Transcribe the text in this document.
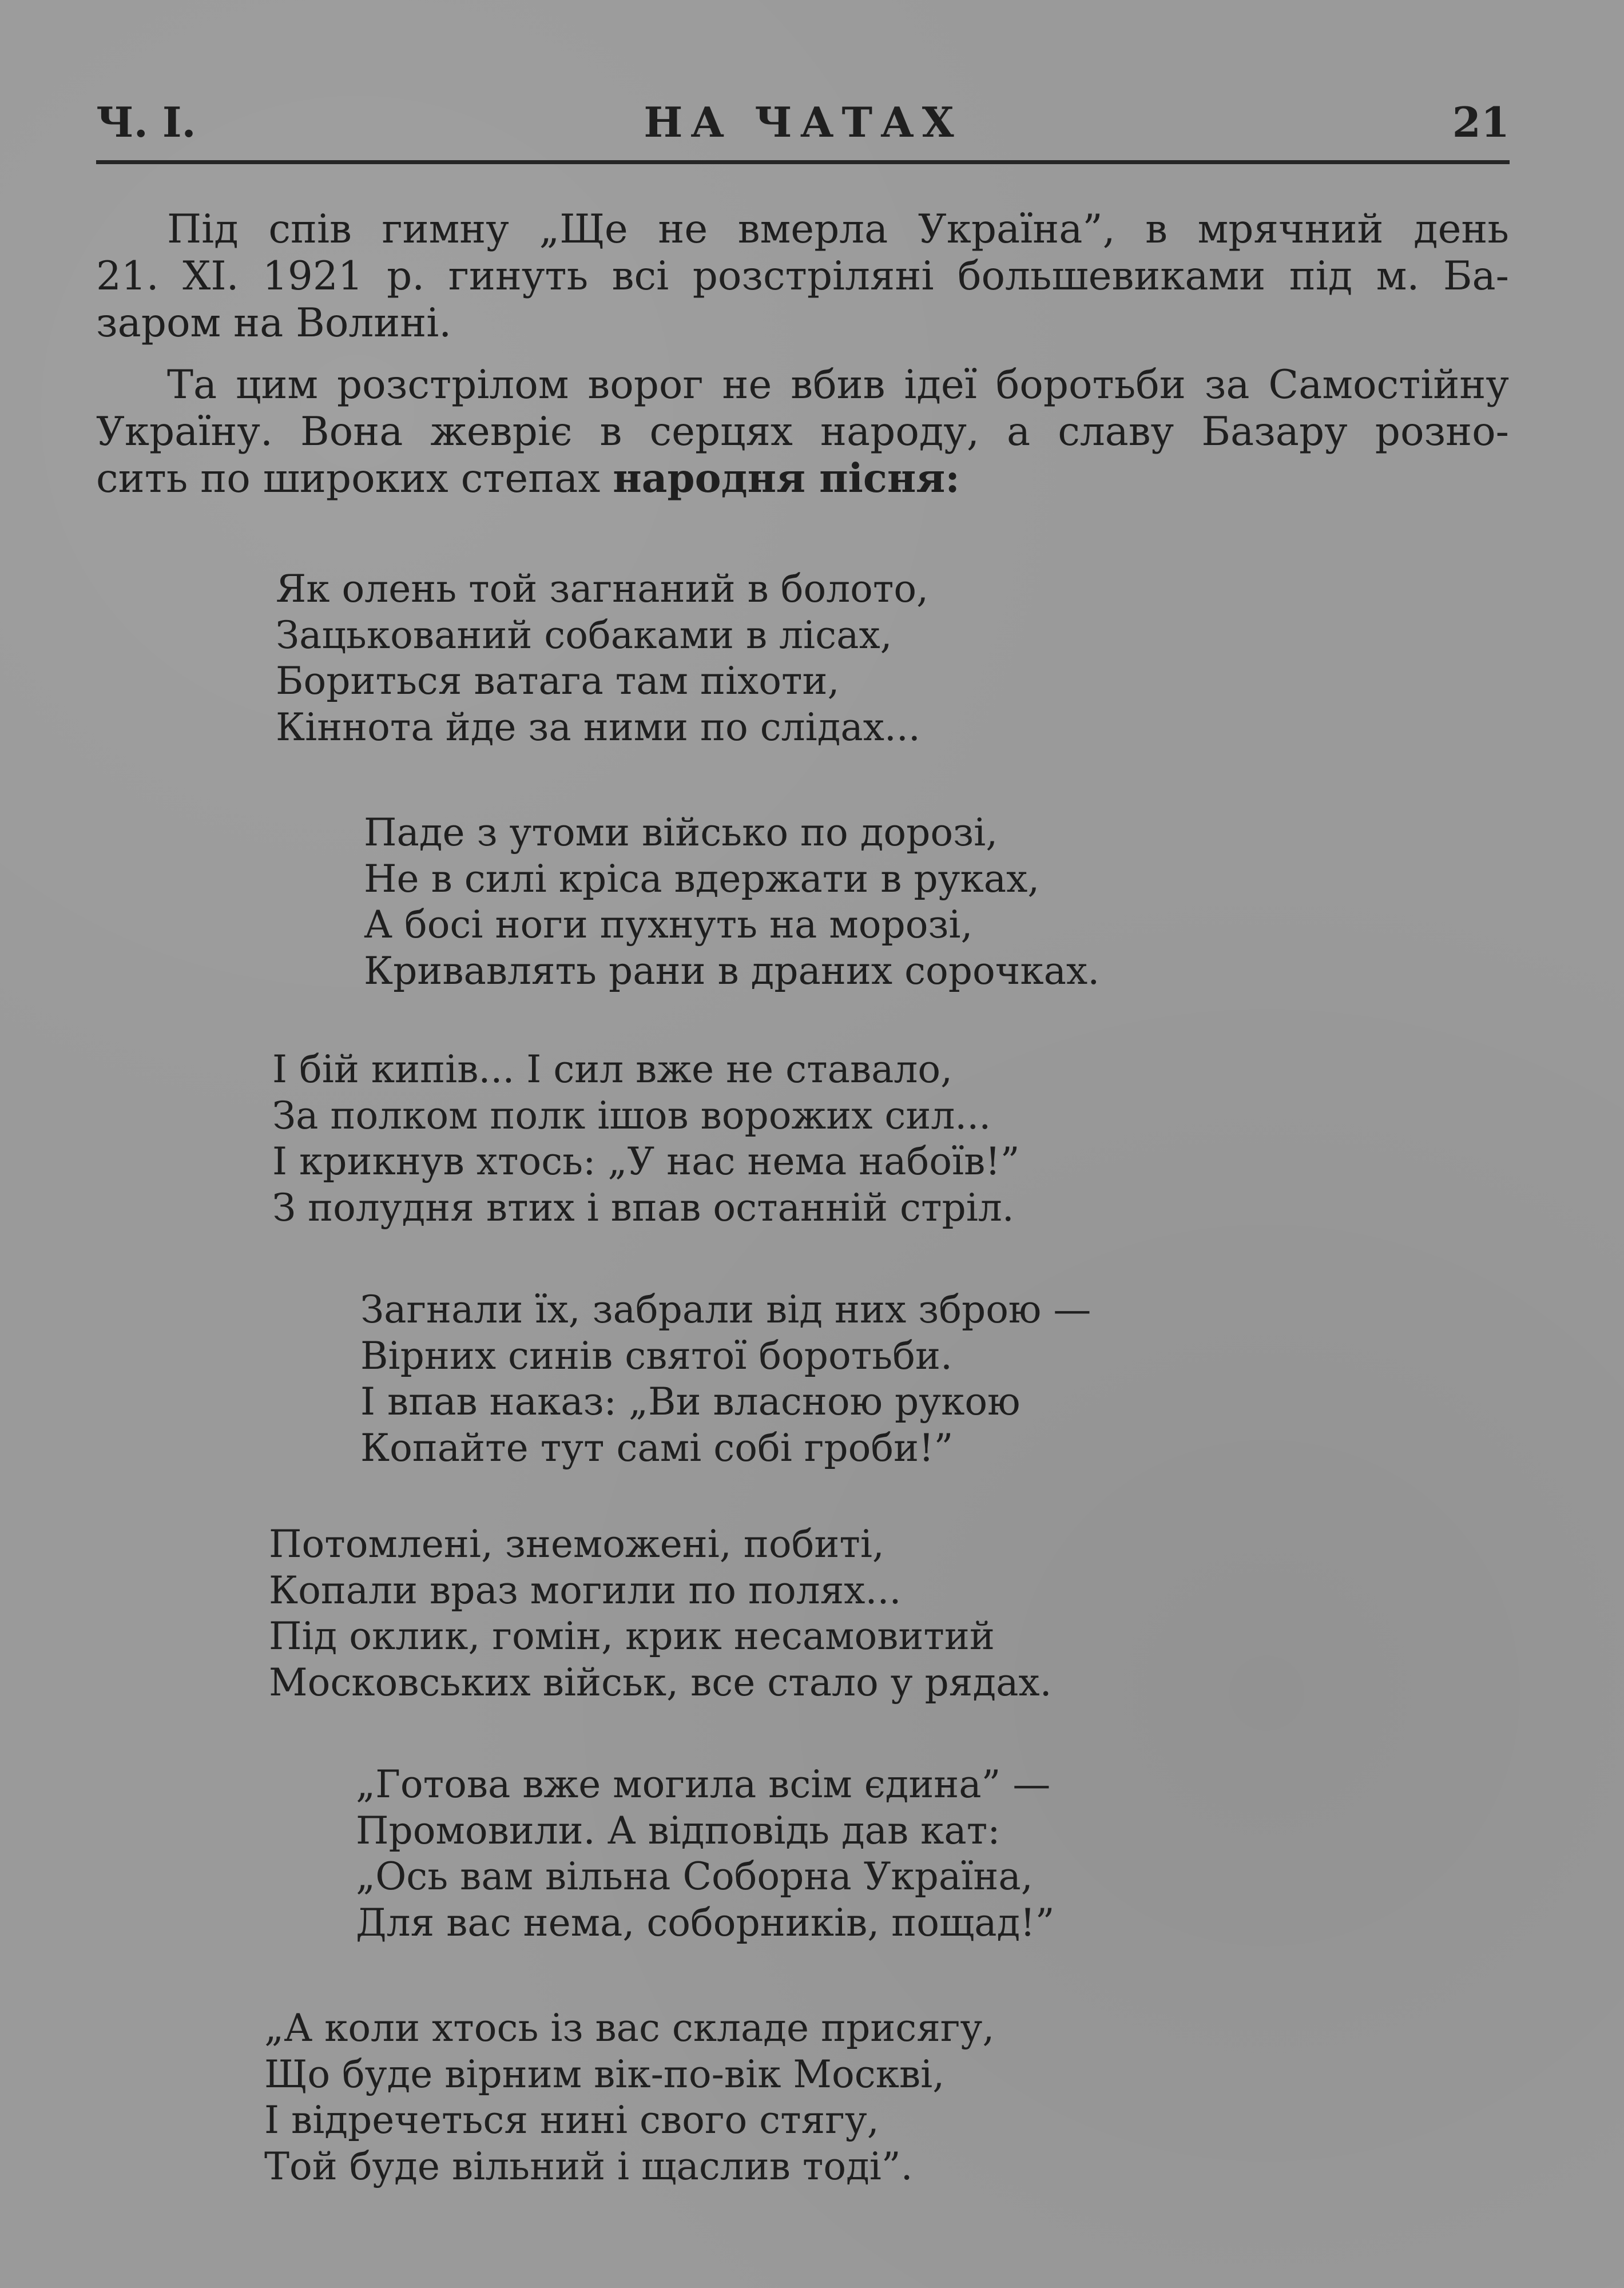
Ч. І.	НА ЧАТАХ	21
Під спів гимну „Ще не вмерла Україна”, в мрячний день
21. XI. 1921 р. гинуть всі розстріляні большевиками під м. Ба-
заром на Волині.
Та цим розстрілом ворог не вбив ідеї боротьби за Самостійну
Україну. Вона жевріє в серцях народу, а славу Базару розно-
сить по широких степах народня пісня:
Як олень той загнаний в болото,
Зацькований собаками в лісах,
Бориться ватага там піхоти,
Кіннота йде за ними по слідах...
Паде з утоми військо по дорозі,
Не в силі кріса вдержати в руках,
А босі ноги пухнуть на морозі,
Кривавлять рани в драних сорочках.
І бій кипів... І сил вже не ставало,
За полком полк ішов ворожих сил...
І крикнув хтось: „У нас нема набоїв!”
З полудня втих і впав останній стріл.
Загнали їх, забрали від них зброю —
Вірних синів святої боротьби.
І впав наказ: „Ви власною рукою
Копайте тут самі собі гроби!”
Потомлені, знеможені, побиті,
Копали враз могили по полях...
Під оклик, гомін, крик несамовитий
Московських військ, все стало у рядах.
„Готова вже могила всім єдина” —
Промовили. А відповідь дав кат:
„Ось вам вільна Соборна Україна,
Для вас нема, соборників, пощад!”
„А коли хтось із вас складе присягу,
Що буде вірним вік-по-вік Москві,
І відречеться нині свого стягу,
Той буде вільний і щаслив тоді”.
